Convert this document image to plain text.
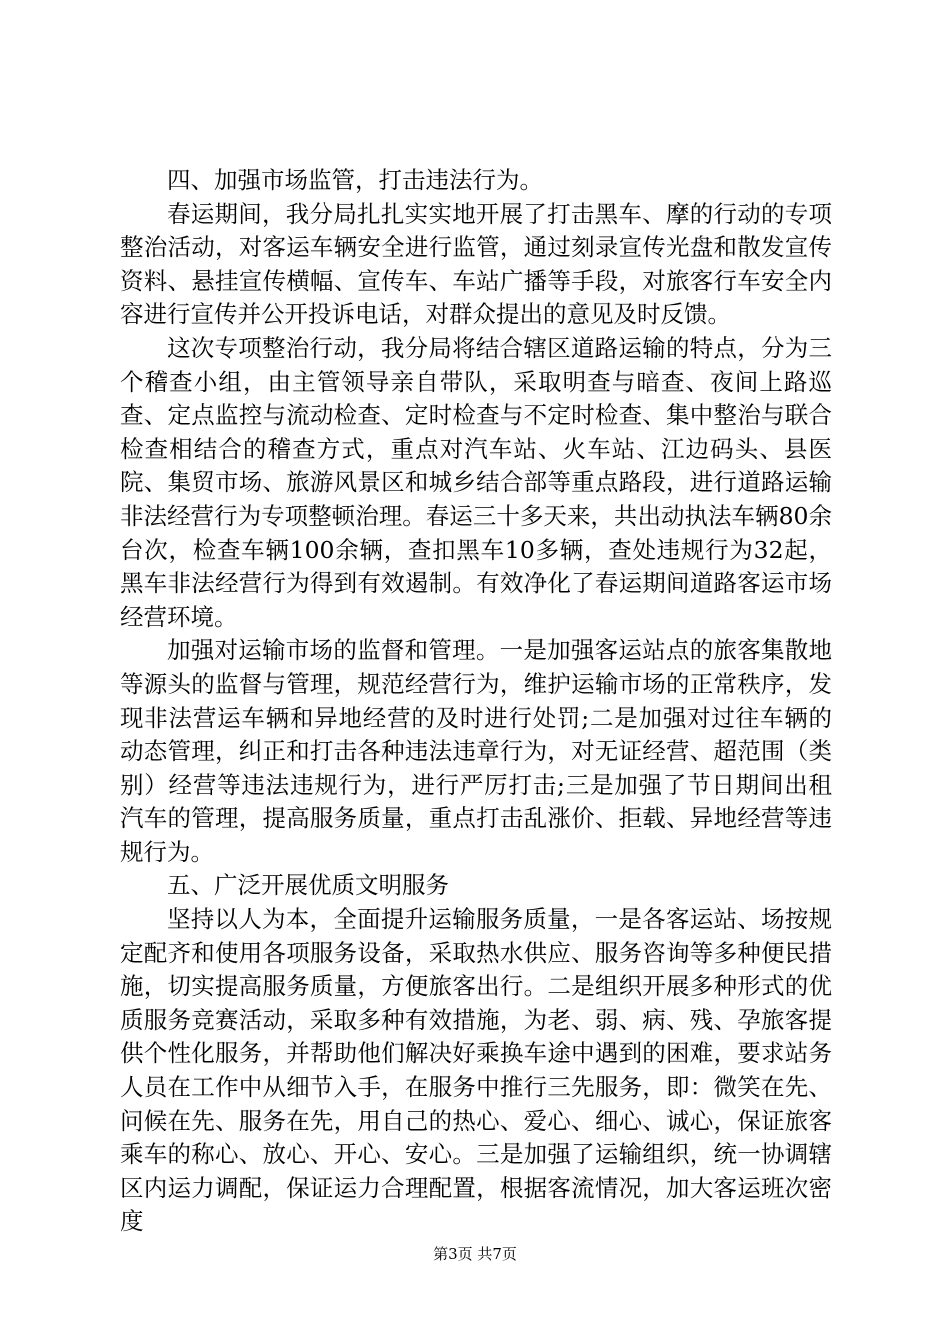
四、加强市场监管，打击违法行为。

春运期间，我分局扎扎实实地开展了打击黑车、摩的行动的专项整治活动，对客运车辆安全进行监管，通过刻录宣传光盘和散发宣传资料、悬挂宣传横幅、宣传车、车站广播等手段，对旅客行车安全内容进行宣传并公开投诉电话，对群众提出的意见及时反馈。

这次专项整治行动，我分局将结合辖区道路运输的特点，分为三个稽查小组，由主管领导亲自带队，采取明查与暗查、夜间上路巡查、定点监控与流动检查、定时检查与不定时检查、集中整治与联合检查相结合的稽查方式，重点对汽车站、火车站、江边码头、县医院、集贸市场、旅游风景区和城乡结合部等重点路段，进行道路运输非法经营行为专项整顿治理。春运三十多天来，共出动执法车辆80余台次，检查车辆100余辆，查扣黑车10多辆，查处违规行为32起，黑车非法经营行为得到有效遏制。有效净化了春运期间道路客运市场经营环境。

加强对运输市场的监督和管理。一是加强客运站点的旅客集散地等源头的监督与管理，规范经营行为，维护运输市场的正常秩序，发现非法营运车辆和异地经营的及时进行处罚;二是加强对过往车辆的动态管理，纠正和打击各种违法违章行为，对无证经营、超范围（类别）经营等违法违规行为，进行严厉打击;三是加强了节日期间出租汽车的管理，提高服务质量，重点打击乱涨价、拒载、异地经营等违规行为。

五、广泛开展优质文明服务

坚持以人为本，全面提升运输服务质量，一是各客运站、场按规定配齐和使用各项服务设备，采取热水供应、服务咨询等多种便民措施，切实提高服务质量，方便旅客出行。二是组织开展多种形式的优质服务竞赛活动，采取多种有效措施，为老、弱、病、残、孕旅客提供个性化服务，并帮助他们解决好乘换车途中遇到的困难，要求站务人员在工作中从细节入手，在服务中推行三先服务，即：微笑在先、问候在先、服务在先，用自己的热心、爱心、细心、诚心，保证旅客乘车的称心、放心、开心、安心。三是加强了运输组织，统一协调辖区内运力调配，保证运力合理配置，根据客流情况，加大客运班次密度

第3页 共7页
